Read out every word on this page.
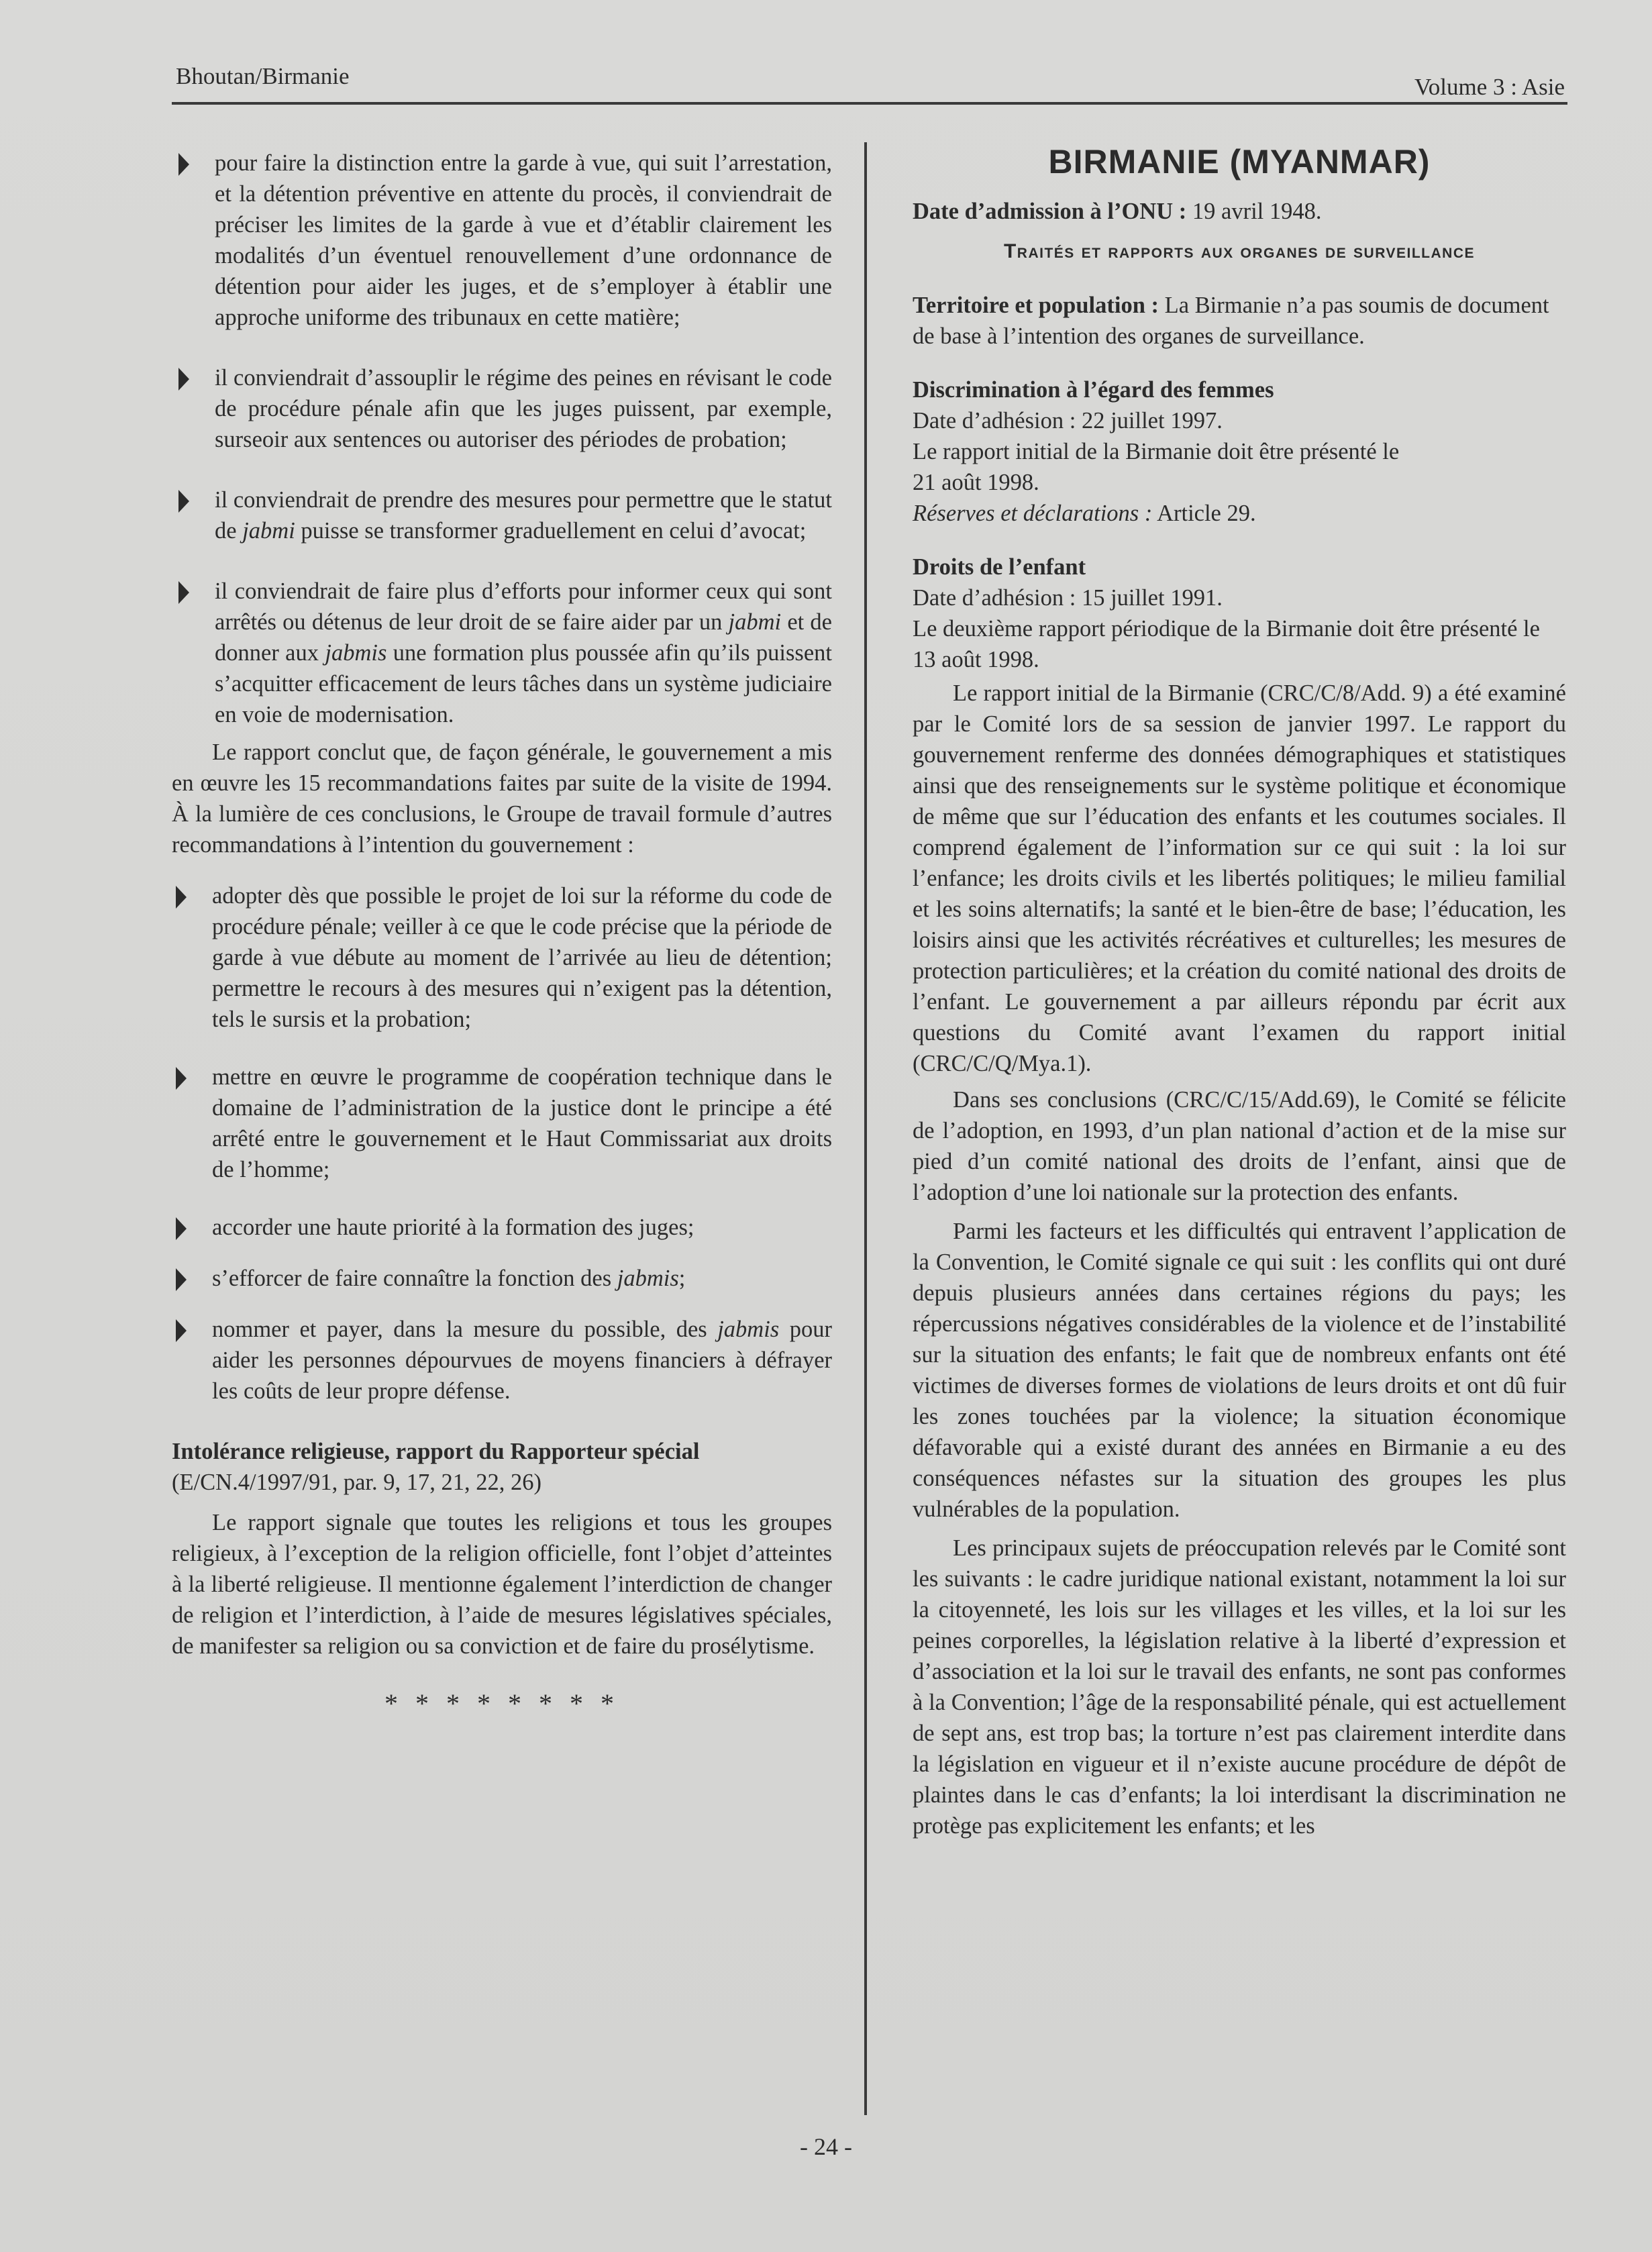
Bhoutan/Birmanie	Volume 3 : Asie
pour faire la distinction entre la garde à vue, qui suit l’arrestation, et la détention préventive en attente du procès, il conviendrait de préciser les limites de la garde à vue et d’établir clairement les modalités d’un éventuel renouvellement d’une ordonnance de détention pour aider les juges, et de s’employer à établir une approche uniforme des tribunaux en cette matière;
il conviendrait d’assouplir le régime des peines en révisant le code de procédure pénale afin que les juges puissent, par exemple, surseoir aux sentences ou autoriser des périodes de probation;
il conviendrait de prendre des mesures pour permettre que le statut de jabmi puisse se transformer graduellement en celui d’avocat;
il conviendrait de faire plus d’efforts pour informer ceux qui sont arrêtés ou détenus de leur droit de se faire aider par un jabmi et de donner aux jabmis une formation plus poussée afin qu’ils puissent s’acquitter efficacement de leurs tâches dans un système judiciaire en voie de modernisation.

Le rapport conclut que, de façon générale, le gouvernement a mis en œuvre les 15 recommandations faites par suite de la visite de 1994. À la lumière de ces conclusions, le Groupe de travail formule d’autres recommandations à l’intention du gouvernement :

adopter dès que possible le projet de loi sur la réforme du code de procédure pénale; veiller à ce que le code précise que la période de garde à vue débute au moment de l’arrivée au lieu de détention; permettre le recours à des mesures qui n’exigent pas la détention, tels le sursis et la probation;
mettre en œuvre le programme de coopération technique dans le domaine de l’administration de la justice dont le principe a été arrêté entre le gouvernement et le Haut Commissariat aux droits de l’homme;
accorder une haute priorité à la formation des juges;
s’efforcer de faire connaître la fonction des jabmis;
nommer et payer, dans la mesure du possible, des jabmis pour aider les personnes dépourvues de moyens financiers à défrayer les coûts de leur propre défense.

Intolérance religieuse, rapport du Rapporteur spécial

(E/CN.4/1997/91, par. 9, 17, 21, 22, 26)

Le rapport signale que toutes les religions et tous les groupes religieux, à l’exception de la religion officielle, font l’objet d’atteintes à la liberté religieuse. Il mentionne également l’interdiction de changer de religion et l’interdiction, à l’aide de mesures législatives spéciales, de manifester sa religion ou sa conviction et de faire du prosélytisme.

* * * * * * * *
BIRMANIE (MYANMAR)

Date d’admission à l’ONU : 19 avril 1948.

Traités et rapports aux organes de surveillance

Territoire et population : La Birmanie n’a pas soumis de document de base à l’intention des organes de surveillance.

Discrimination à l’égard des femmes

Date d’adhésion : 22 juillet 1997.

Le rapport initial de la Birmanie doit être présenté le

21 août 1998.

Réserves et déclarations : Article 29.

Droits de l’enfant

Date d’adhésion : 15 juillet 1991.

Le deuxième rapport périodique de la Birmanie doit être présenté le 13 août 1998.

Le rapport initial de la Birmanie (CRC/C/8/Add. 9) a été examiné par le Comité lors de sa session de janvier 1997. Le rapport du gouvernement renferme des données démographiques et statistiques ainsi que des renseignements sur le système politique et économique de même que sur l’éducation des enfants et les coutumes sociales. Il comprend également de l’information sur ce qui suit : la loi sur l’enfance; les droits civils et les libertés politiques; le milieu familial et les soins alternatifs; la santé et le bien-être de base; l’éducation, les loisirs ainsi que les activités récréatives et culturelles; les mesures de protection particulières; et la création du comité national des droits de l’enfant. Le gouvernement a par ailleurs répondu par écrit aux questions du Comité avant l’examen du rapport initial (CRC/C/Q/Mya.1).

Dans ses conclusions (CRC/C/15/Add.69), le Comité se félicite de l’adoption, en 1993, d’un plan national d’action et de la mise sur pied d’un comité national des droits de l’enfant, ainsi que de l’adoption d’une loi nationale sur la protection des enfants.

Parmi les facteurs et les difficultés qui entravent l’application de la Convention, le Comité signale ce qui suit : les conflits qui ont duré depuis plusieurs années dans certaines régions du pays; les répercussions négatives considérables de la violence et de l’instabilité sur la situation des enfants; le fait que de nombreux enfants ont été victimes de diverses formes de violations de leurs droits et ont dû fuir les zones touchées par la violence; la situation économique défavorable qui a existé durant des années en Birmanie a eu des conséquences néfastes sur la situation des groupes les plus vulnérables de la population.

Les principaux sujets de préoccupation relevés par le Comité sont les suivants : le cadre juridique national existant, notamment la loi sur la citoyenneté, les lois sur les villages et les villes, et la loi sur les peines corporelles, la législation relative à la liberté d’expression et d’association et la loi sur le travail des enfants, ne sont pas conformes à la Convention; l’âge de la responsabilité pénale, qui est actuellement de sept ans, est trop bas; la torture n’est pas clairement interdite dans la législation en vigueur et il n’existe aucune procédure de dépôt de plaintes dans le cas d’enfants; la loi interdisant la discrimination ne protège pas explicitement les enfants; et les

- 24 -
